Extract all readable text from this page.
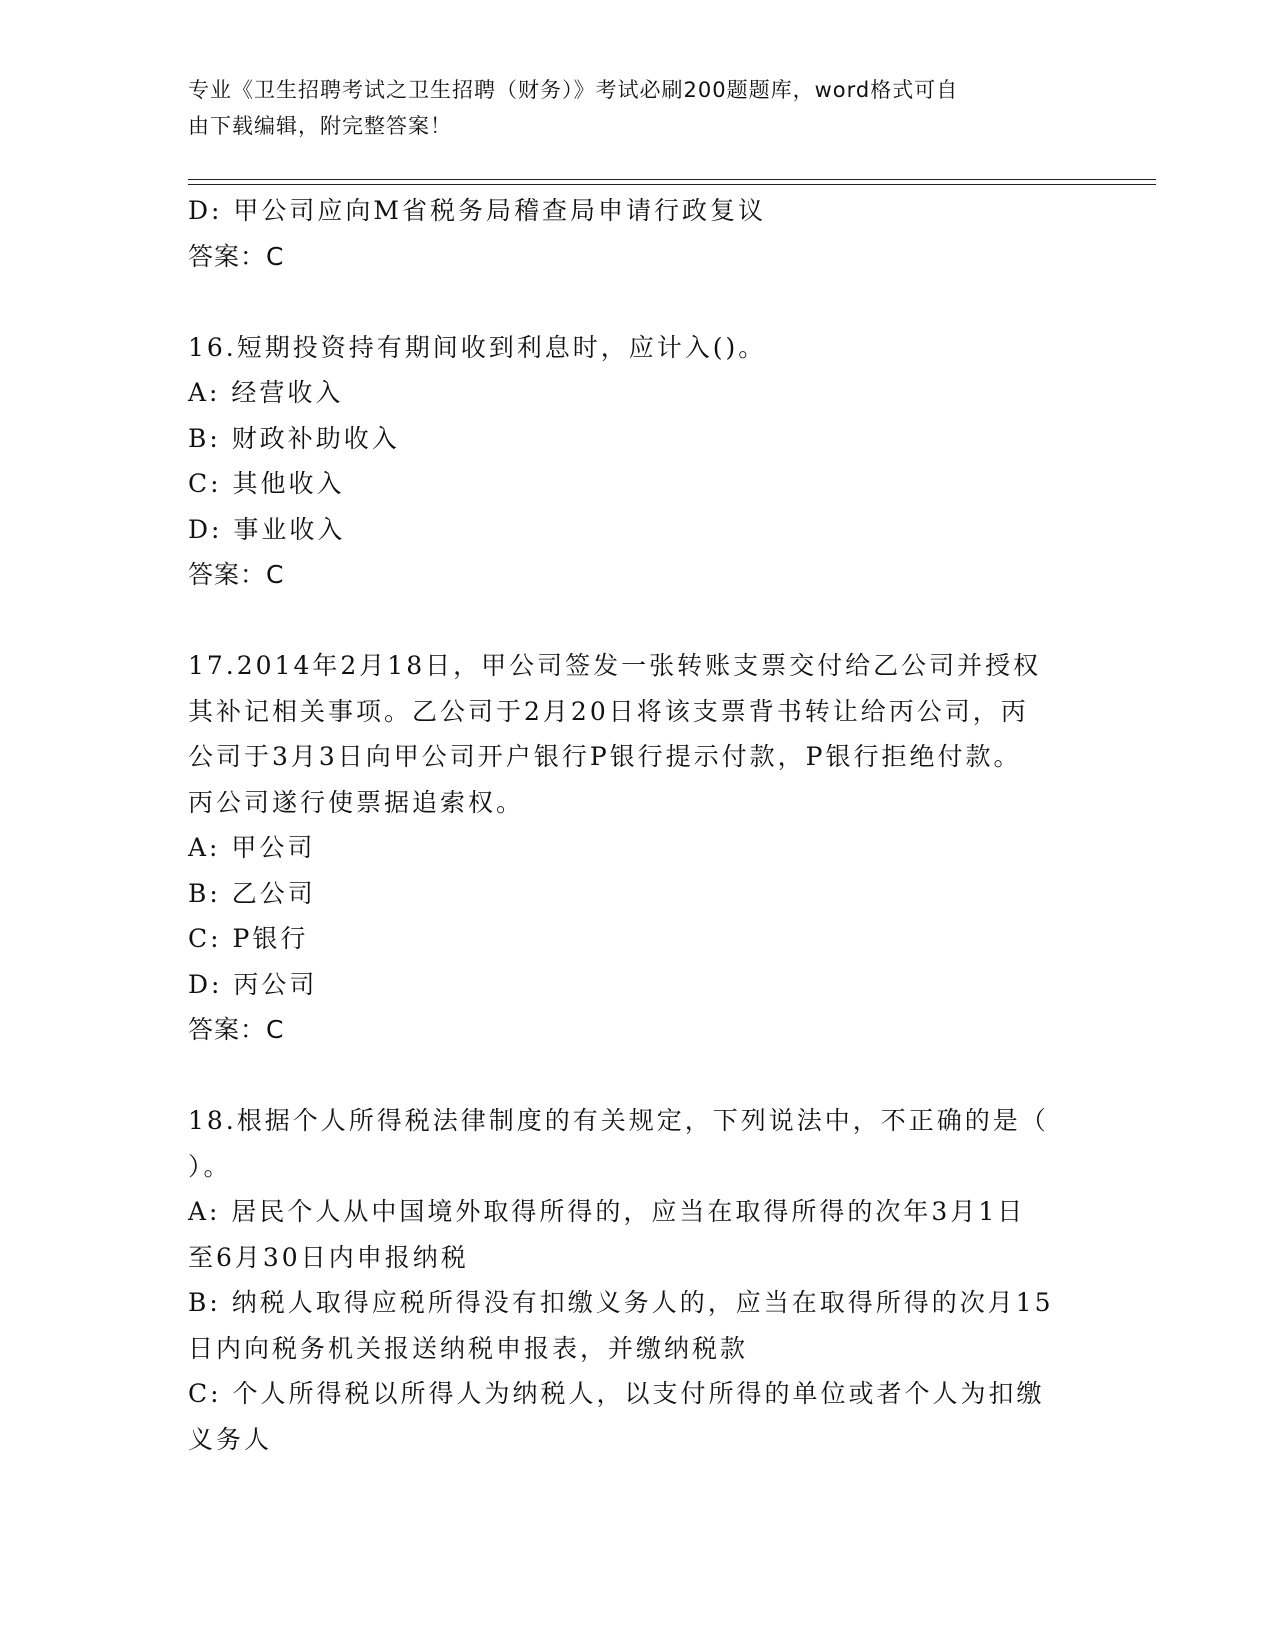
专业《卫生招聘考试之卫生招聘（财务）》考试必刷200题题库，word格式可自
由下载编辑，附完整答案！
D: 甲公司应向M省税务局稽查局申请行政复议
答案：C
16.短期投资持有期间收到利息时，应计入()。
A: 经营收入
B: 财政补助收入
C: 其他收入
D: 事业收入
答案：C
17.2014年2月18日，甲公司签发一张转账支票交付给乙公司并授权
其补记相关事项。乙公司于2月20日将该支票背书转让给丙公司，丙
公司于3月3日向甲公司开户银行P银行提示付款，P银行拒绝付款。
丙公司遂行使票据追索权。
A: 甲公司
B: 乙公司
C: P银行
D: 丙公司
答案：C
18.根据个人所得税法律制度的有关规定，下列说法中，不正确的是（
）。
A: 居民个人从中国境外取得所得的，应当在取得所得的次年3月1日
至6月30日内申报纳税
B: 纳税人取得应税所得没有扣缴义务人的，应当在取得所得的次月15
日内向税务机关报送纳税申报表，并缴纳税款
C: 个人所得税以所得人为纳税人，以支付所得的单位或者个人为扣缴
义务人
